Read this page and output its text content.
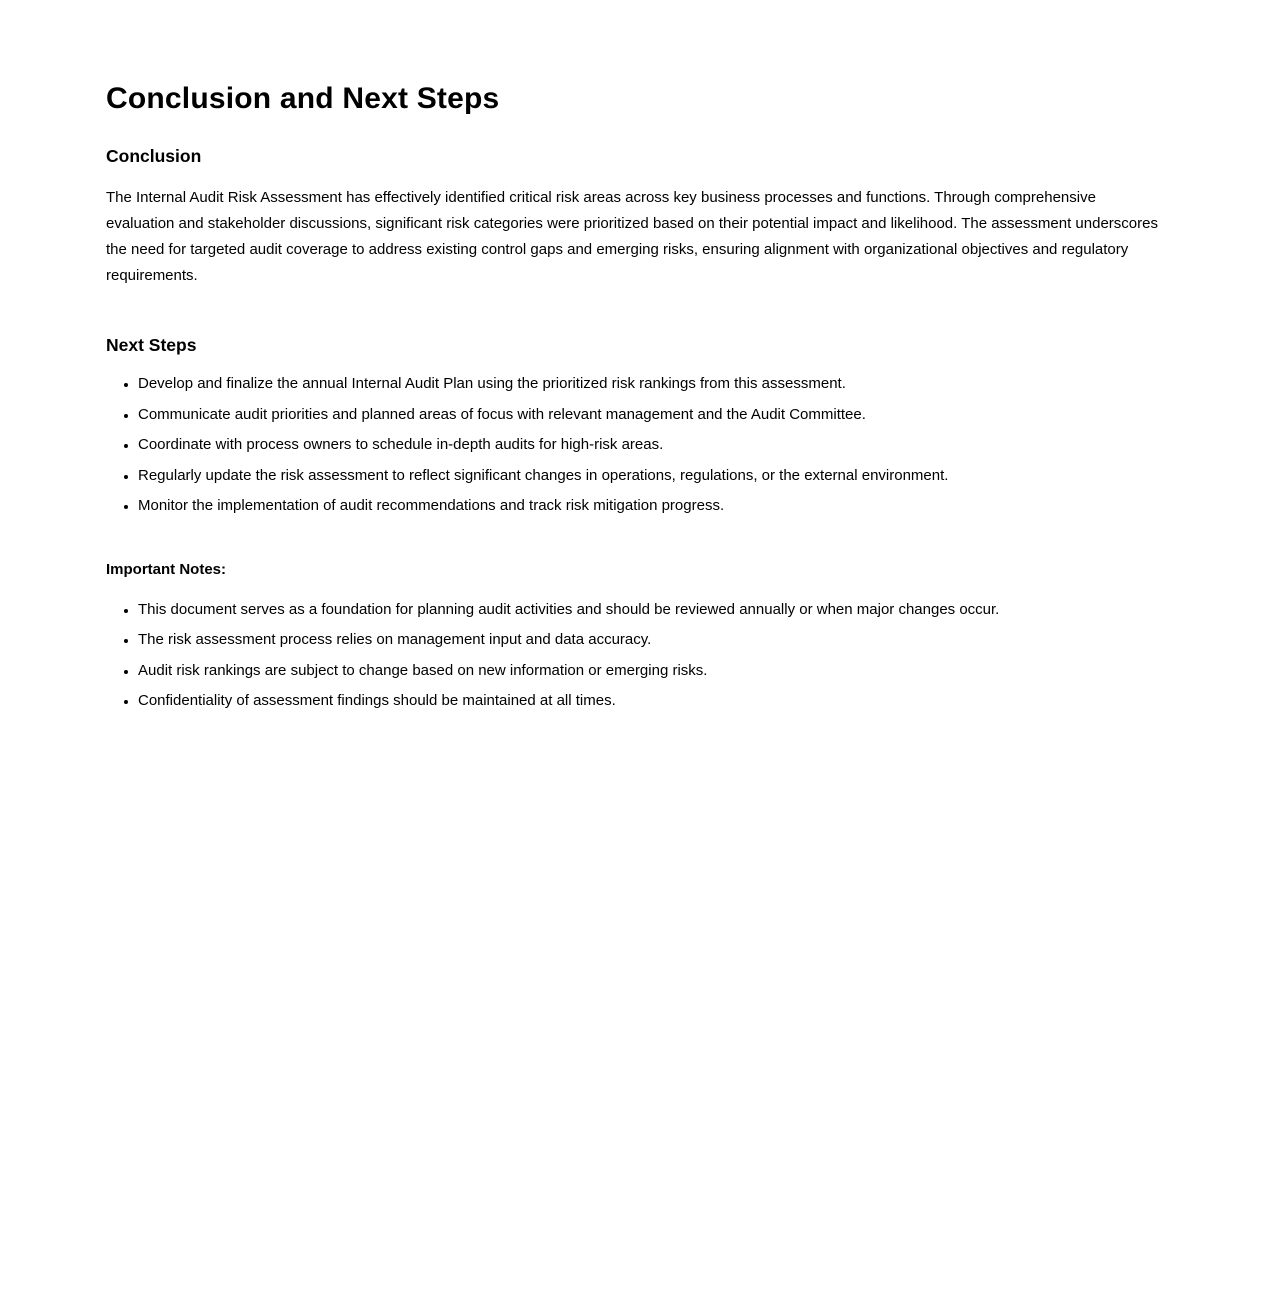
Conclusion and Next Steps
Conclusion

The Internal Audit Risk Assessment has effectively identified critical risk areas across key business processes and functions. Through comprehensive evaluation and stakeholder discussions, significant risk categories were prioritized based on their potential impact and likelihood. The assessment underscores the need for targeted audit coverage to address existing control gaps and emerging risks, ensuring alignment with organizational objectives and regulatory requirements.

Next Steps
• Develop and finalize the annual Internal Audit Plan using the prioritized risk rankings from this assessment.
• Communicate audit priorities and planned areas of focus with relevant management and the Audit Committee.
• Coordinate with process owners to schedule in-depth audits for high-risk areas.
• Regularly update the risk assessment to reflect significant changes in operations, regulations, or the external environment.
• Monitor the implementation of audit recommendations and track risk mitigation progress.
Important Notes:
• This document serves as a foundation for planning audit activities and should be reviewed annually or when major changes occur.
• The risk assessment process relies on management input and data accuracy.
• Audit risk rankings are subject to change based on new information or emerging risks.
• Confidentiality of assessment findings should be maintained at all times.
